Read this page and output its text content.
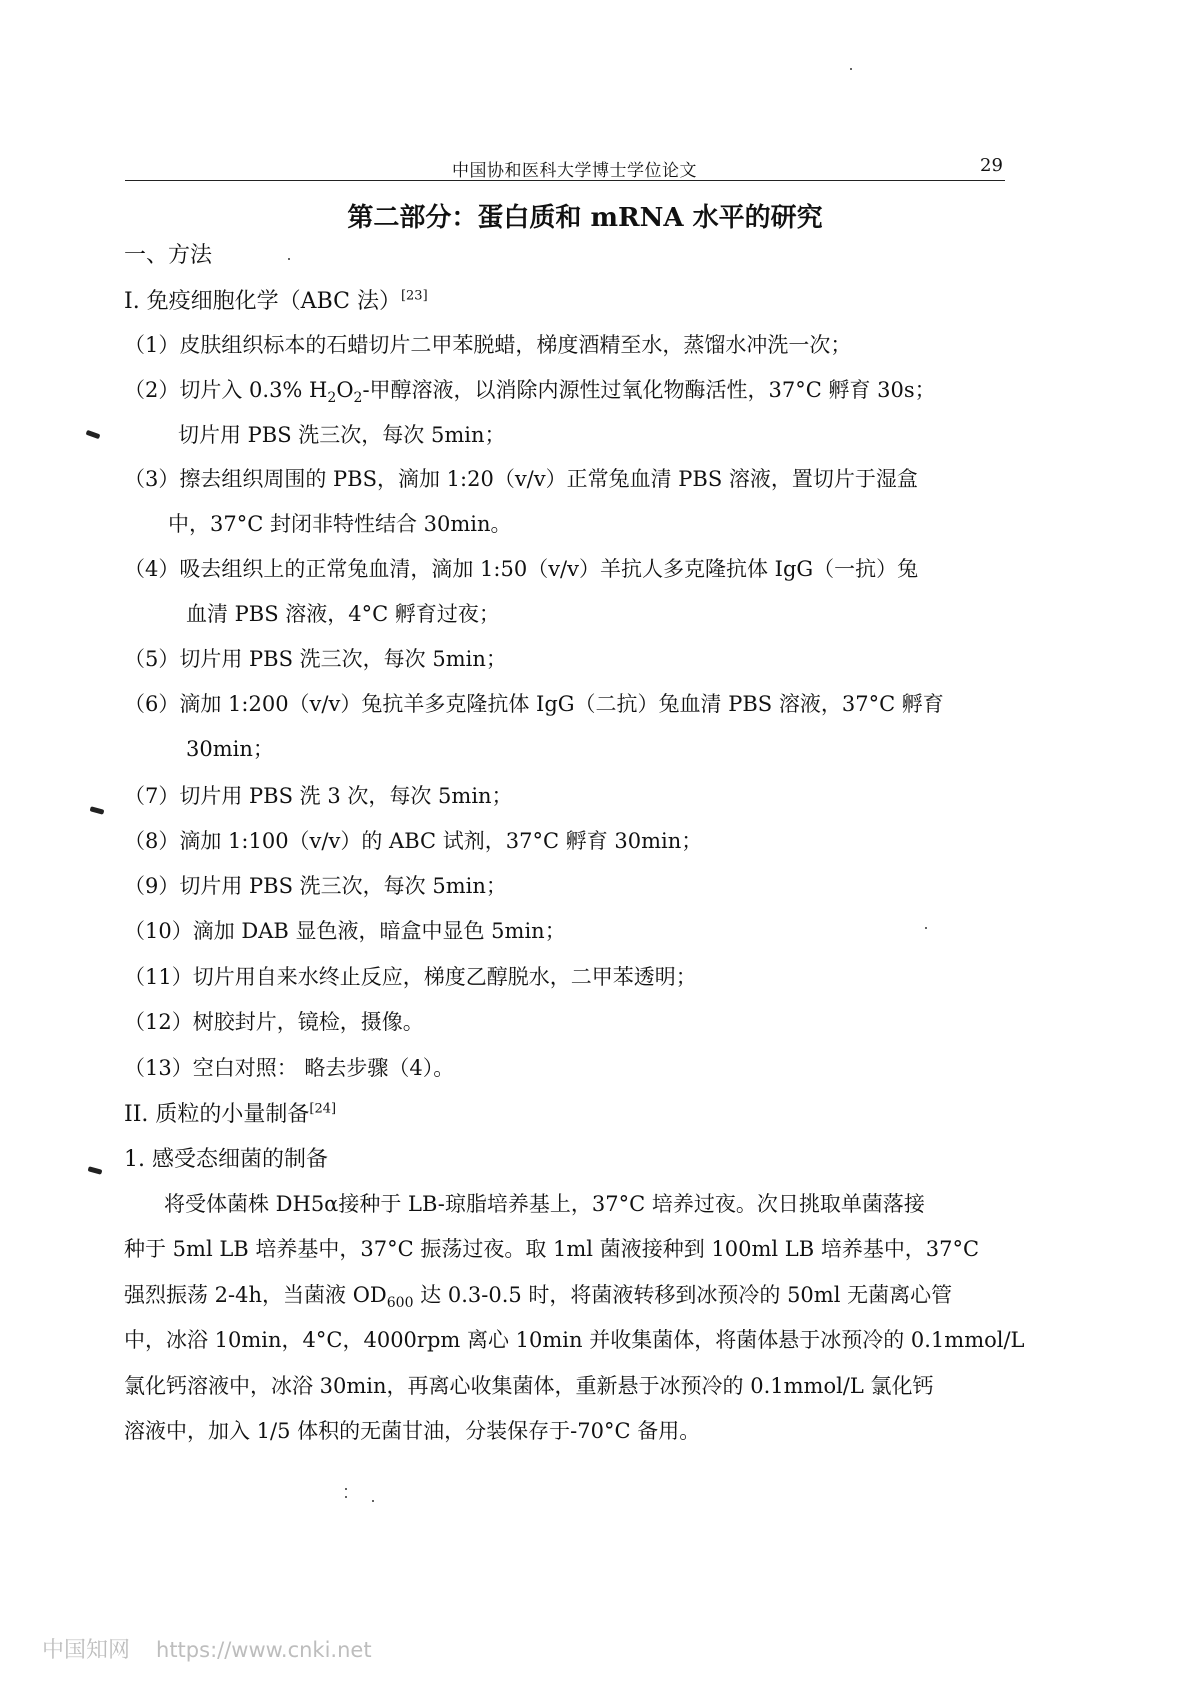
中国协和医科大学博士学位论文	29
第二部分：蛋白质和 mRNA 水平的研究
一、方法
I. 免疫细胞化学（ABC 法）[23]
（1）皮肤组织标本的石蜡切片二甲苯脱蜡，梯度酒精至水，蒸馏水冲洗一次；
（2）切片入 0.3% $H_2O_2-$甲醇溶液，以消除内源性过氧化物酶活性，37°C 孵育 30s；
切片用 PBS 洗三次，每次 5min；
（3）擦去组织周围的 PBS，滴加 1:20（v/v）正常兔血清 PBS 溶液，置切片于湿盒
中，37°C 封闭非特性结合 30min。
（4）吸去组织上的正常兔血清，滴加 1:50（v/v）羊抗人多克隆抗体 IgG（一抗）兔
血清 PBS 溶液，4°C 孵育过夜；
（5）切片用 PBS 洗三次，每次 5min；
（6）滴加 1:200（v/v）兔抗羊多克隆抗体 IgG（二抗）兔血清 PBS 溶液，37°C 孵育
30min；
（7）切片用 PBS 洗 3 次，每次 5min；
（8）滴加 1:100（v/v）的 ABC 试剂，37°C 孵育 30min；
（9）切片用 PBS 洗三次，每次 5min；
（10）滴加 DAB 显色液，暗盒中显色 5min；
（11）切片用自来水终止反应，梯度乙醇脱水，二甲苯透明；
（12）树胶封片，镜检，摄像。
（13）空白对照： 略去步骤（4）。
II. 质粒的小量制备[24]
1. 感受态细菌的制备
将受体菌株 DH5α接种于 LB-琼脂培养基上，37°C 培养过夜。次日挑取单菌落接
种于 5ml LB 培养基中，37°C 振荡过夜。取 1ml 菌液接种到 100ml LB 培养基中，37°C
强烈振荡 2-4h，当菌液 $OD_{600}$ 达 0.3-0.5 时，将菌液转移到冰预冷的 50ml 无菌离心管
中，冰浴 10min，4°C，4000rpm 离心 10min 并收集菌体，将菌体悬于冰预冷的 0.1mmol/L
氯化钙溶液中，冰浴 30min，再离心收集菌体，重新悬于冰预冷的 0.1mmol/L 氯化钙
溶液中，加入 1/5 体积的无菌甘油，分装保存于-70°C 备用。
中国知网 https://www.cnki.net
